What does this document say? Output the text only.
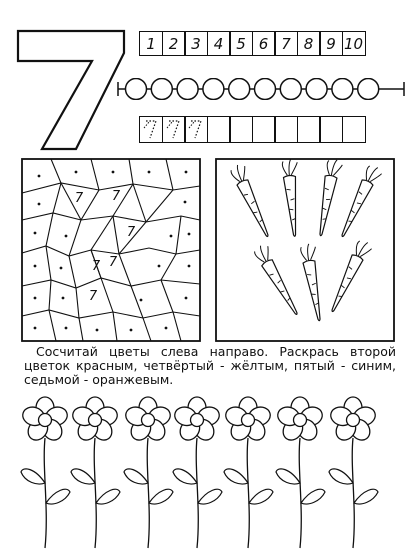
1 2 3 4 5 6 7 8 9 10
7 7
7
7
7
7
Сосчитай цветы слева направо. Раскрась второй цветок красным, четвёртый - жёлтым, пятый - синим, седьмой - оранжевым.
